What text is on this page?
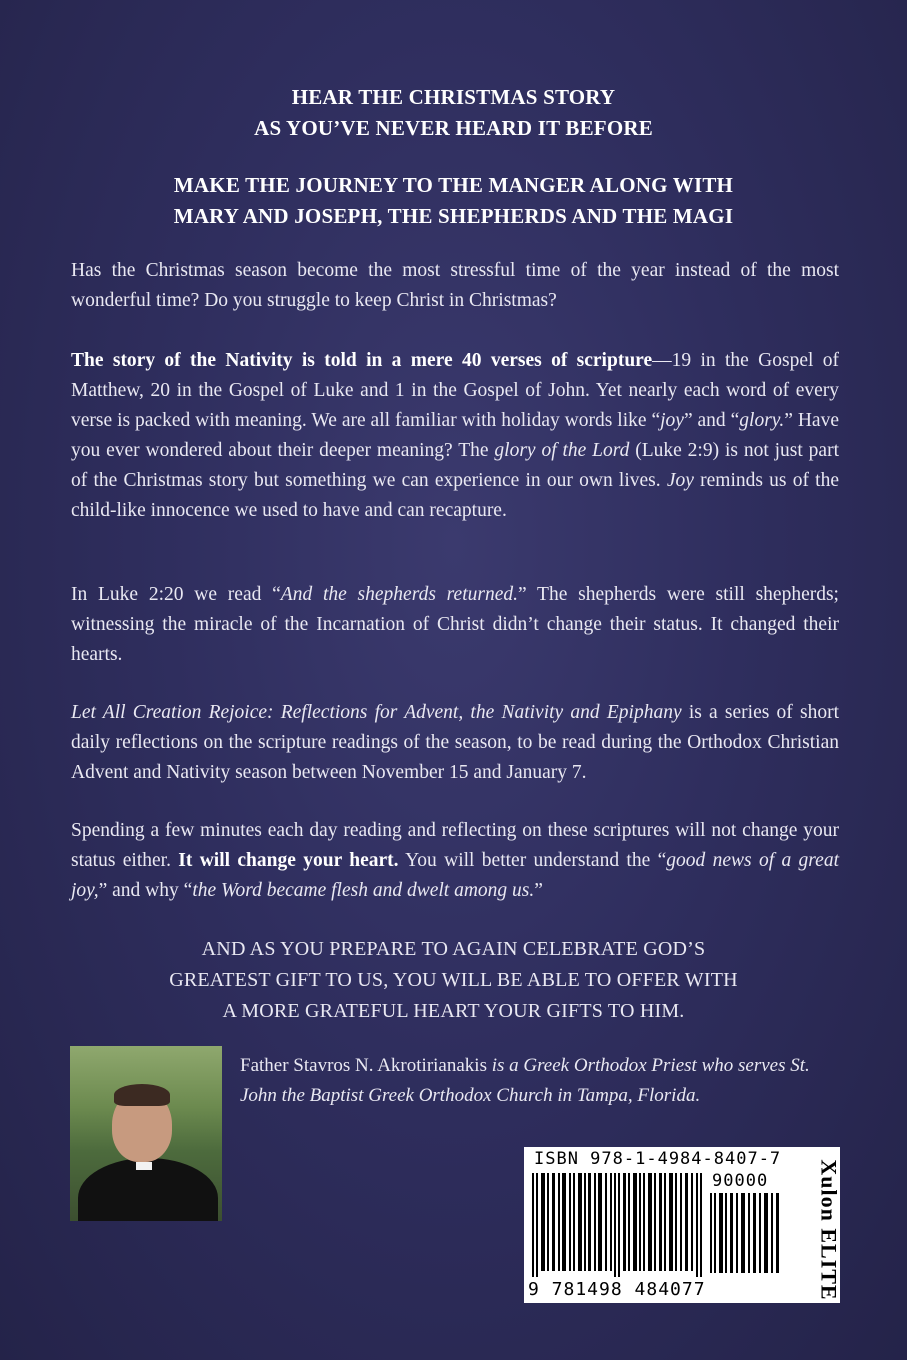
HEAR THE CHRISTMAS STORY
AS YOU’VE NEVER HEARD IT BEFORE
MAKE THE JOURNEY TO THE MANGER ALONG WITH
MARY AND JOSEPH, THE SHEPHERDS AND THE MAGI
Has the Christmas season become the most stressful time of the year instead of the most wonderful time? Do you struggle to keep Christ in Christmas?
The story of the Nativity is told in a mere 40 verses of scripture—19 in the Gospel of Matthew, 20 in the Gospel of Luke and 1 in the Gospel of John. Yet nearly each word of every verse is packed with meaning. We are all familiar with holiday words like “joy” and “glory.” Have you ever wondered about their deeper meaning? The glory of the Lord (Luke 2:9) is not just part of the Christmas story but something we can experience in our own lives. Joy reminds us of the child-like innocence we used to have and can recapture.
In Luke 2:20 we read “And the shepherds returned.” The shepherds were still shepherds; witnessing the miracle of the Incarnation of Christ didn’t change their status. It changed their hearts.
Let All Creation Rejoice: Reflections for Advent, the Nativity and Epiphany is a series of short daily reflections on the scripture readings of the season, to be read during the Orthodox Christian Advent and Nativity season between November 15 and January 7.
Spending a few minutes each day reading and reflecting on these scriptures will not change your status either. It will change your heart. You will better understand the “good news of a great joy,” and why “the Word became flesh and dwelt among us.”
AND AS YOU PREPARE TO AGAIN CELEBRATE GOD’S
GREATEST GIFT TO US, YOU WILL BE ABLE TO OFFER WITH
A MORE GRATEFUL HEART YOUR GIFTS TO HIM.
Father Stavros N. Akrotirianakis is a Greek Orthodox Priest who serves St. John the Baptist Greek Orthodox Church in Tampa, Florida.
ISBN 978-1-4984-8407-7
90000
9 781498 484077	Xulon ELITE
